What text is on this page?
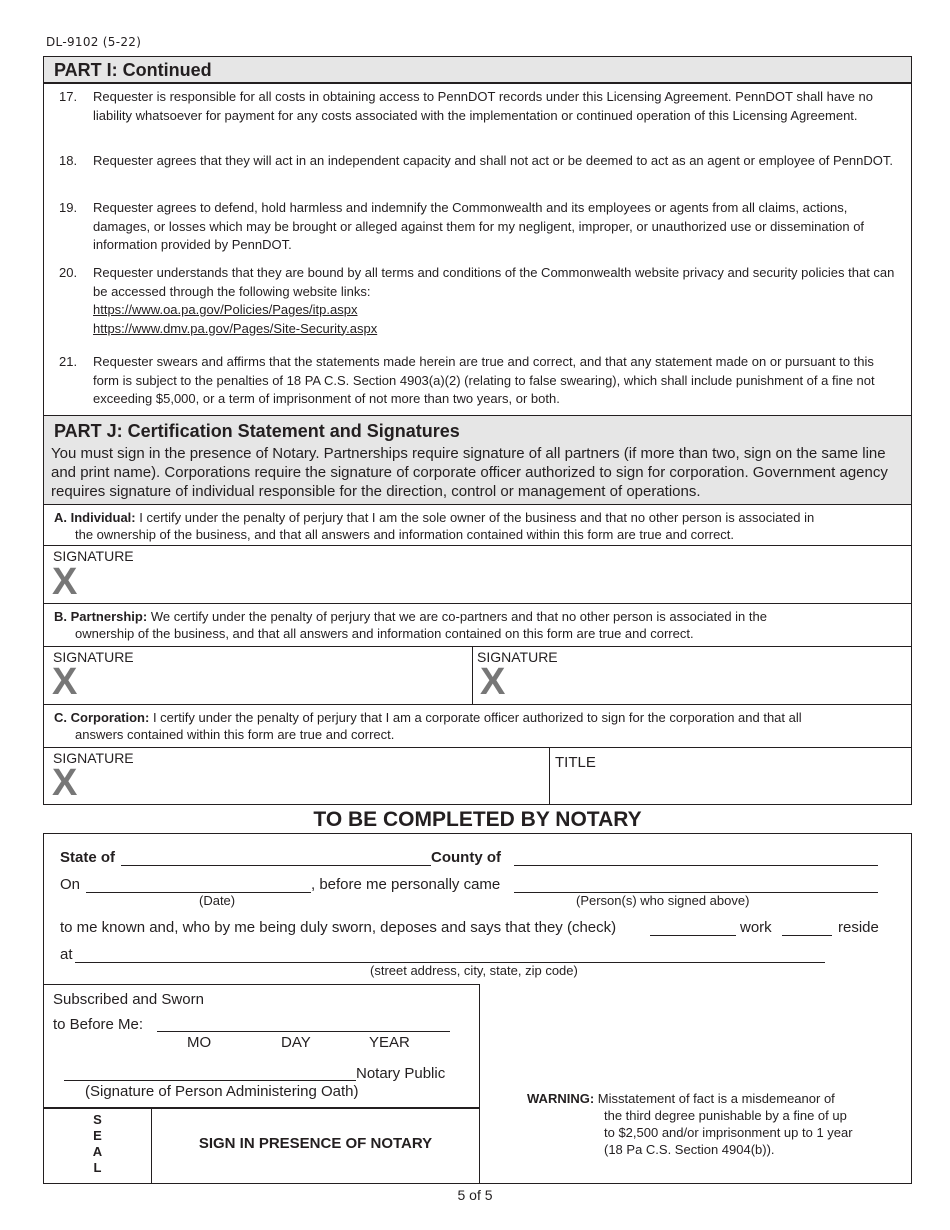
DL-9102 (5-22)
PART I: Continued
17. Requester is responsible for all costs in obtaining access to PennDOT records under this Licensing Agreement. PennDOT shall have no liability whatsoever for payment for any costs associated with the implementation or continued operation of this Licensing Agreement.
18. Requester agrees that they will act in an independent capacity and shall not act or be deemed to act as an agent or employee of PennDOT.
19. Requester agrees to defend, hold harmless and indemnify the Commonwealth and its employees or agents from all claims, actions, damages, or losses which may be brought or alleged against them for my negligent, improper, or unauthorized use or dissemination of information provided by PennDOT.
20. Requester understands that they are bound by all terms and conditions of the Commonwealth website privacy and security policies that can be accessed through the following website links:
https://www.oa.pa.gov/Policies/Pages/itp.aspx
https://www.dmv.pa.gov/Pages/Site-Security.aspx
21. Requester swears and affirms that the statements made herein are true and correct, and that any statement made on or pursuant to this form is subject to the penalties of 18 PA C.S. Section 4903(a)(2) (relating to false swearing), which shall include punishment of a fine not exceeding $5,000, or a term of imprisonment of not more than two years, or both.
PART J: Certification Statement and Signatures
You must sign in the presence of Notary. Partnerships require signature of all partners (if more than two, sign on the same line and print name). Corporations require the signature of corporate officer authorized to sign for corporation. Government agency requires signature of individual responsible for the direction, control or management of operations.
A. Individual: I certify under the penalty of perjury that I am the sole owner of the business and that no other person is associated in
the ownership of the business, and that all answers and information contained within this form are true and correct.
SIGNATURE
X
B. Partnership: We certify under the penalty of perjury that we are co-partners and that no other person is associated in the
ownership of the business, and that all answers and information contained on this form are true and correct.
SIGNATURE
X
SIGNATURE
X
C. Corporation: I certify under the penalty of perjury that I am a corporate officer authorized to sign for the corporation and that all
answers contained within this form are true and correct.
SIGNATURE
X	TITLE
TO BE COMPLETED BY NOTARY
State of	County of
On	, before me personally came
(Date)	(Person(s) who signed above)
to me known and, who by me being duly sworn, deposes and says that they (check)	work	reside
at
(street address, city, state, zip code)
Subscribed and Sworn
to Before Me:
MO	DAY	YEAR
Notary Public
(Signature of Person Administering Oath)
S
E
A
L
SIGN IN PRESENCE OF NOTARY
WARNING: Misstatement of fact is a misdemeanor of
the third degree punishable by a fine of up
to $2,500 and/or imprisonment up to 1 year
(18 Pa C.S. Section 4904(b)).
5 of 5
